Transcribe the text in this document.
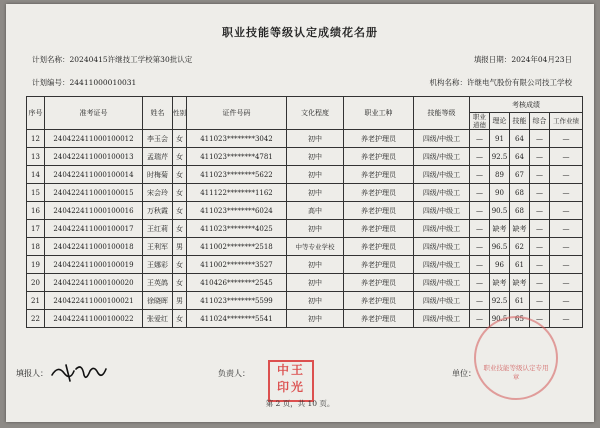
职业技能等级认定成绩花名册
计划名称：20240415许继技工学校第30批认定	填报日期：2024年04月23日
计划编号：24411000010031	机构名称：许继电气股份有限公司技工学校
序号	准考证号	姓名	性别	证件号码	文化程度	职业工种	技能等级	考核成绩				
								职业道德	理论	技能	综合	工作业绩
12	240422411000100012	李玉会	女	411023********3042	初中	养老护理员	四级/中级工	—	91	64	—	—
13	240422411000100013	孟瑞芹	女	411023********4781	初中	养老护理员	四级/中级工	—	92.5	64	—	—
14	240422411000100014	时梅菊	女	411023********5622	初中	养老护理员	四级/中级工	—	89	67	—	—
15	240422411000100015	宋会玲	女	411122********1162	初中	养老护理员	四级/中级工	—	90	68	—	—
16	240422411000100016	万秋霞	女	411023********6024	高中	养老护理员	四级/中级工	—	90.5	68	—	—
17	240422411000100017	王红莉	女	411023********4025	初中	养老护理员	四级/中级工	—	缺考	缺考	—	—
18	240422411000100018	王利军	男	411002********2518	中等专业学校	养老护理员	四级/中级工	—	96.5	62	—	—
19	240422411000100019	王娜彩	女	411002********3527	初中	养老护理员	四级/中级工	—	96	61	—	—
20	240422411000100020	王英鸽	女	410426********2545	初中	养老护理员	四级/中级工	—	缺考	缺考	—	—
21	240422411000100021	徐晓晖	男	411023********5599	初中	养老护理员	四级/中级工	—	92.5	61	—	—
22	240422411000100022	张爱红	女	411024********5541	初中	养老护理员	四级/中级工	—	90.5	65	—	—
填报人：	负责人：	中王
印光
职业技能等级认定专用章
单位：
第 2 页，共 10 页。
